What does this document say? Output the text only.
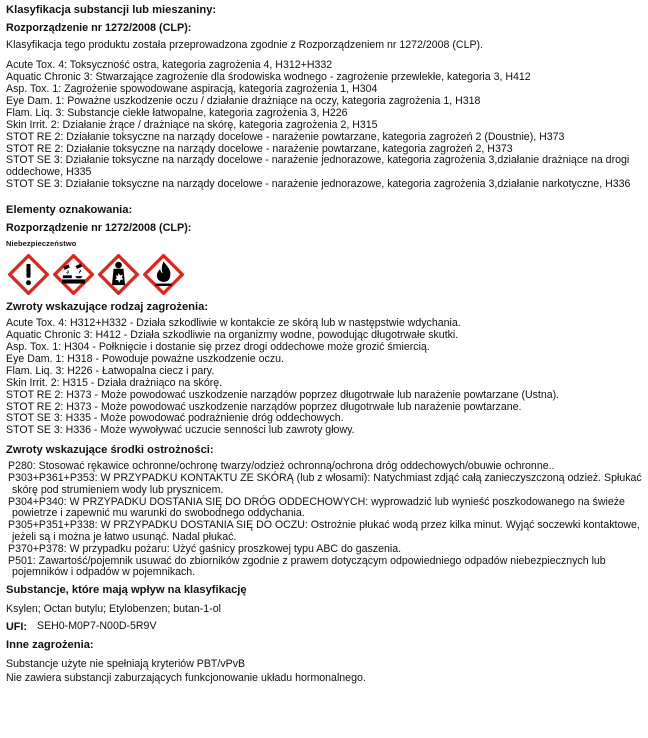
Klasyfikacja substancji lub mieszaniny:
Rozporządzenie nr 1272/2008 (CLP):
Klasyfikacja tego produktu została przeprowadzona zgodnie z Rozporządzeniem nr 1272/2008 (CLP).
Acute Tox. 4: Toksyczność ostra, kategoria zagrożenia 4, H312+H332
Aquatic Chronic 3: Stwarzające zagrożenie dla środowiska wodnego - zagrożenie przewlekłe, kategoria 3, H412
Asp. Tox. 1: Zagrożenie spowodowane aspiracją, kategoria zagrożenia 1, H304
Eye Dam. 1: Poważne uszkodzenie oczu / działanie drażniące na oczy, kategoria zagrożenia 1, H318
Flam. Liq. 3: Substancje ciekłe łatwopalne, kategoria zagrożenia 3, H226
Skin Irrit. 2: Działanie żrące / drażniące na skórę, kategoria zagrożenia 2, H315
STOT RE 2: Działanie toksyczne na narządy docelowe - narażenie powtarzane, kategoria zagrożeń 2 (Doustnie), H373
STOT RE 2: Działanie toksyczne na narządy docelowe - narażenie powtarzane, kategoria zagrożeń 2, H373
STOT SE 3: Działanie toksyczne na narządy docelowe - narażenie jednorazowe, kategoria zagrożenia 3,działanie drażniące na drogi
oddechowe, H335
STOT SE 3: Działanie toksyczne na narządy docelowe - narażenie jednorazowe, kategoria zagrożenia 3,działanie narkotyczne, H336
Elementy oznakowania:
Rozporządzenie nr 1272/2008 (CLP):
Niebezpieczeństwo
Zwroty wskazujące rodzaj zagrożenia:
Acute Tox. 4: H312+H332 - Działa szkodliwie w kontakcie ze skórą lub w następstwie wdychania.
Aquatic Chronic 3: H412 - Działa szkodliwie na organizmy wodne, powodując długotrwałe skutki.
Asp. Tox. 1: H304 - Połknięcie i dostanie się przez drogi oddechowe może grozić śmiercią.
Eye Dam. 1: H318 - Powoduje poważne uszkodzenie oczu.
Flam. Liq. 3: H226 - Łatwopalna ciecz i pary.
Skin Irrit. 2: H315 - Działa drażniąco na skórę.
STOT RE 2: H373 - Może powodować uszkodzenie narządów poprzez długotrwałe lub narażenie powtarzane (Ustna).
STOT RE 2: H373 - Może powodować uszkodzenie narządów poprzez długotrwałe lub narażenie powtarzane.
STOT SE 3: H335 - Może powodować podrażnienie dróg oddechowych.
STOT SE 3: H336 - Może wywoływać uczucie senności lub zawroty głowy.
Zwroty wskazujące środki ostrożności:
P280: Stosować rękawice ochronne/ochronę twarzy/odzież ochronną/ochrona dróg oddechowych/obuwie ochronne..
P303+P361+P353: W PRZYPADKU KONTAKTU ZE SKÓRĄ (lub z włosami): Natychmiast zdjąć całą zanieczyszczoną odzież. Spłukać
skórę pod strumieniem wody lub prysznicem.
P304+P340: W PRZYPADKU DOSTANIA SIĘ DO DRÓG ODDECHOWYCH: wyprowadzić lub wynieść poszkodowanego na świeże
powietrze i zapewnić mu warunki do swobodnego oddychania.
P305+P351+P338: W PRZYPADKU DOSTANIA SIĘ DO OCZU: Ostrożnie płukać wodą przez kilka minut. Wyjąć soczewki kontaktowe,
jeżeli są i można je łatwo usunąć. Nadal płukać.
P370+P378: W przypadku pożaru: Użyć gaśnicy proszkowej typu ABC do gaszenia.
P501: Zawartość/pojemnik usuwać do zbiorników zgodnie z prawem dotyczącym odpowiedniego odpadów niebezpiecznych lub
pojemników i odpadów w pojemnikach.
Substancje, które mają wpływ na klasyfikację
Ksylen; Octan butylu; Etylobenzen; butan-1-ol
UFI: SEH0-M0P7-N00D-5R9V
Inne zagrożenia:
Substancje użyte nie spełniają kryteriów PBT/vPvB
Nie zawiera substancji zaburzających funkcjonowanie układu hormonalnego.
